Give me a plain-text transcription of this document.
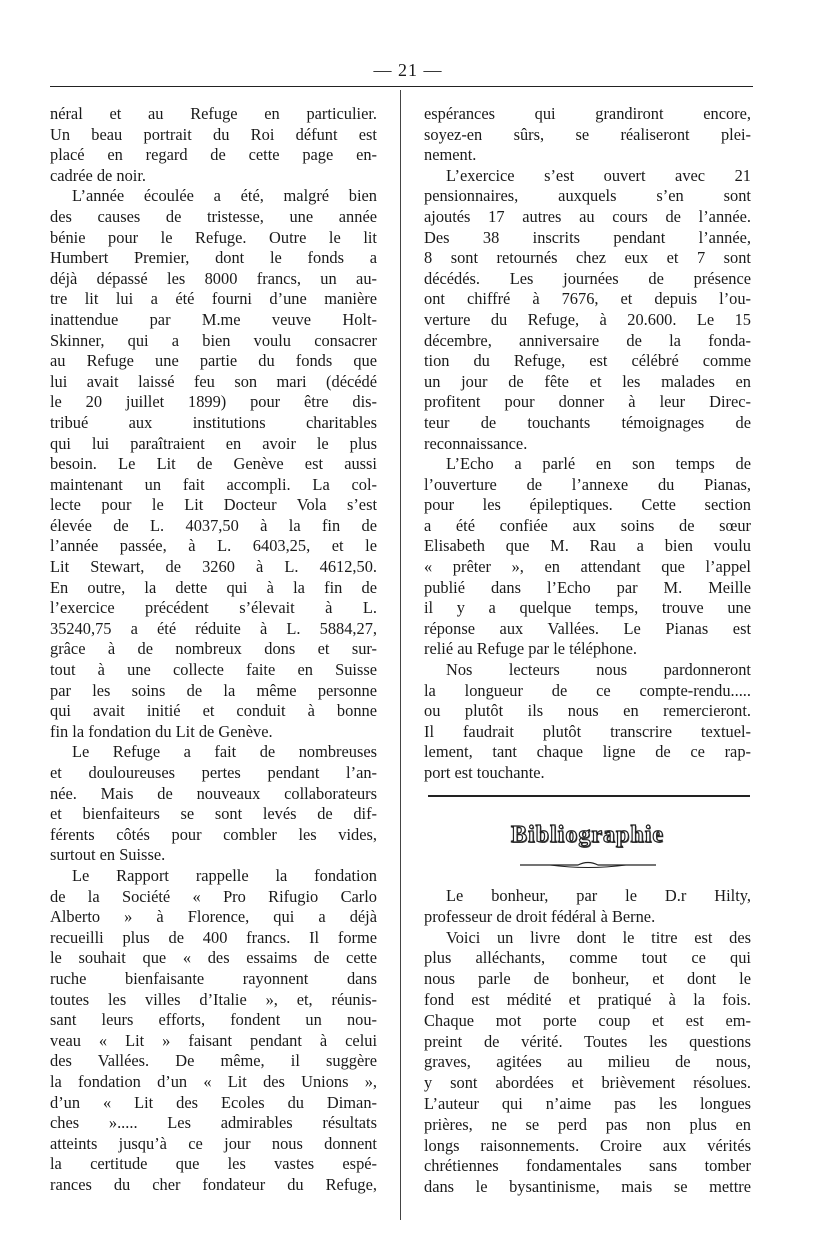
— 21 —
néral et au Refuge en particulier.
Un beau portrait du Roi défunt est
placé en regard de cette page en-
cadrée de noir.
L’année écoulée a été, malgré bien
des causes de tristesse, une année
bénie pour le Refuge. Outre le lit
Humbert Premier, dont le fonds a
déjà dépassé les 8000 francs, un au-
tre lit lui a été fourni d’une manière
inattendue par M.me veuve Holt-
Skinner, qui a bien voulu consacrer
au Refuge une partie du fonds que
lui avait laissé feu son mari (décédé
le 20 juillet 1899) pour être dis-
tribué aux institutions charitables
qui lui paraîtraient en avoir le plus
besoin. Le Lit de Genève est aussi
maintenant un fait accompli. La col-
lecte pour le Lit Docteur Vola s’est
élevée de L. 4037,50 à la fin de
l’année passée, à L. 6403,25, et le
Lit Stewart, de 3260 à L. 4612,50.
En outre, la dette qui à la fin de
l’exercice précédent s’élevait à L.
35240,75 a été réduite à L. 5884,27,
grâce à de nombreux dons et sur-
tout à une collecte faite en Suisse
par les soins de la même personne
qui avait initié et conduit à bonne
fin la fondation du Lit de Genève.
Le Refuge a fait de nombreuses
et douloureuses pertes pendant l’an-
née. Mais de nouveaux collaborateurs
et bienfaiteurs se sont levés de dif-
férents côtés pour combler les vides,
surtout en Suisse.
Le Rapport rappelle la fondation
de la Société « Pro Rifugio Carlo
Alberto » à Florence, qui a déjà
recueilli plus de 400 francs. Il forme
le souhait que « des essaims de cette
ruche bienfaisante rayonnent dans
toutes les villes d’Italie », et, réunis-
sant leurs efforts, fondent un nou-
veau « Lit » faisant pendant à celui
des Vallées. De même, il suggère
la fondation d’un « Lit des Unions »,
d’un « Lit des Ecoles du Diman-
ches »..... Les admirables résultats
atteints jusqu’à ce jour nous donnent
la certitude que les vastes espé-
rances du cher fondateur du Refuge,
espérances qui grandiront encore,
soyez-en sûrs, se réaliseront plei-
nement.
L’exercice s’est ouvert avec 21
pensionnaires, auxquels s’en sont
ajoutés 17 autres au cours de l’année.
Des 38 inscrits pendant l’année,
8 sont retournés chez eux et 7 sont
décédés. Les journées de présence
ont chiffré à 7676, et depuis l’ou-
verture du Refuge, à 20.600. Le 15
décembre, anniversaire de la fonda-
tion du Refuge, est célébré comme
un jour de fête et les malades en
profitent pour donner à leur Direc-
teur de touchants témoignages de
reconnaissance.
L’Echo a parlé en son temps de
l’ouverture de l’annexe du Pianas,
pour les épileptiques. Cette section
a été confiée aux soins de sœur
Elisabeth que M. Rau a bien voulu
« prêter », en attendant que l’appel
publié dans l’Echo par M. Meille
il y a quelque temps, trouve une
réponse aux Vallées. Le Pianas est
relié au Refuge par le téléphone.
Nos lecteurs nous pardonneront
la longueur de ce compte-rendu.....
ou plutôt ils nous en remercieront.
Il faudrait plutôt transcrire textuel-
lement, tant chaque ligne de ce rap-
port est touchante.
Bibliographie
Le bonheur, par le D.r Hilty,
professeur de droit fédéral à Berne.
Voici un livre dont le titre est des
plus alléchants, comme tout ce qui
nous parle de bonheur, et dont le
fond est médité et pratiqué à la fois.
Chaque mot porte coup et est em-
preint de vérité. Toutes les questions
graves, agitées au milieu de nous,
y sont abordées et brièvement résolues.
L’auteur qui n’aime pas les longues
prières, ne se perd pas non plus en
longs raisonnements. Croire aux vérités
chrétiennes fondamentales sans tomber
dans le bysantinisme, mais se mettre
